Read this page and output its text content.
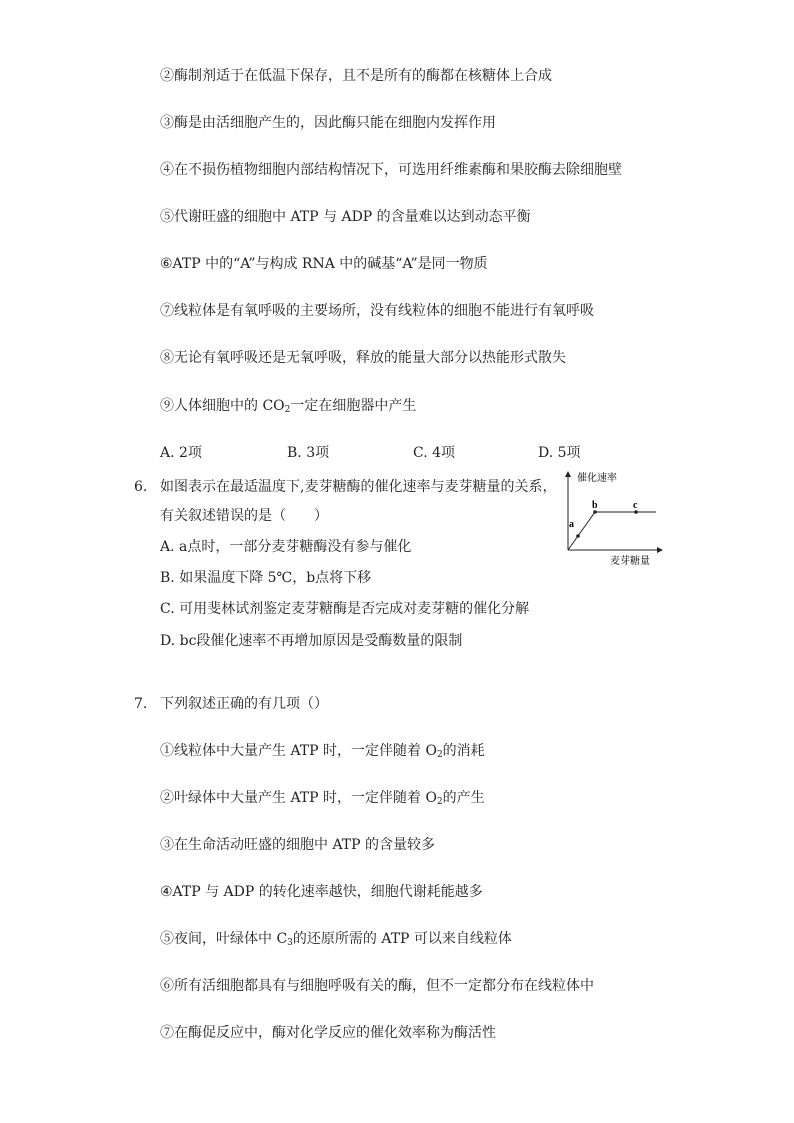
②酶制剂适于在低温下保存，且不是所有的酶都在核糖体上合成
③酶是由活细胞产生的，因此酶只能在细胞内发挥作用
④在不损伤植物细胞内部结构情况下，可选用纤维素酶和果胶酶去除细胞壁
⑤代谢旺盛的细胞中 ATP 与 ADP 的含量难以达到动态平衡
⑥ATP 中的“A”与构成 RNA 中的碱基“A”是同一物质
⑦线粒体是有氧呼吸的主要场所，没有线粒体的细胞不能进行有氧呼吸
⑧无论有氧呼吸还是无氧呼吸，释放的能量大部分以热能形式散失
⑨人体细胞中的 $CO_2$一定在细胞器中产生
A. 2项	B. 3项	C. 4项	D. 5项
6. 如图表示在最适温度下,麦芽糖酶的催化速率与麦芽糖量的关系，
有关叙述错误的是（　　）
A. a点时，一部分麦芽糖酶没有参与催化
B. 如果温度下降 5℃，b点将下移
C. 可用斐林试剂鉴定麦芽糖酶是否完成对麦芽糖的催化分解
D. bc段催化速率不再增加原因是受酶数量的限制
a
b	c
催化速率
麦芽糖量
7. 下列叙述正确的有几项（）
①线粒体中大量产生 ATP 时，一定伴随着 $O_2$的消耗
②叶绿体中大量产生 ATP 时，一定伴随着 $O_2$的产生
③在生命活动旺盛的细胞中 ATP 的含量较多
④ATP 与 ADP 的转化速率越快，细胞代谢耗能越多
⑤夜间，叶绿体中 $C_3$的还原所需的 ATP 可以来自线粒体
⑥所有活细胞都具有与细胞呼吸有关的酶，但不一定都分布在线粒体中
⑦在酶促反应中，酶对化学反应的催化效率称为酶活性
